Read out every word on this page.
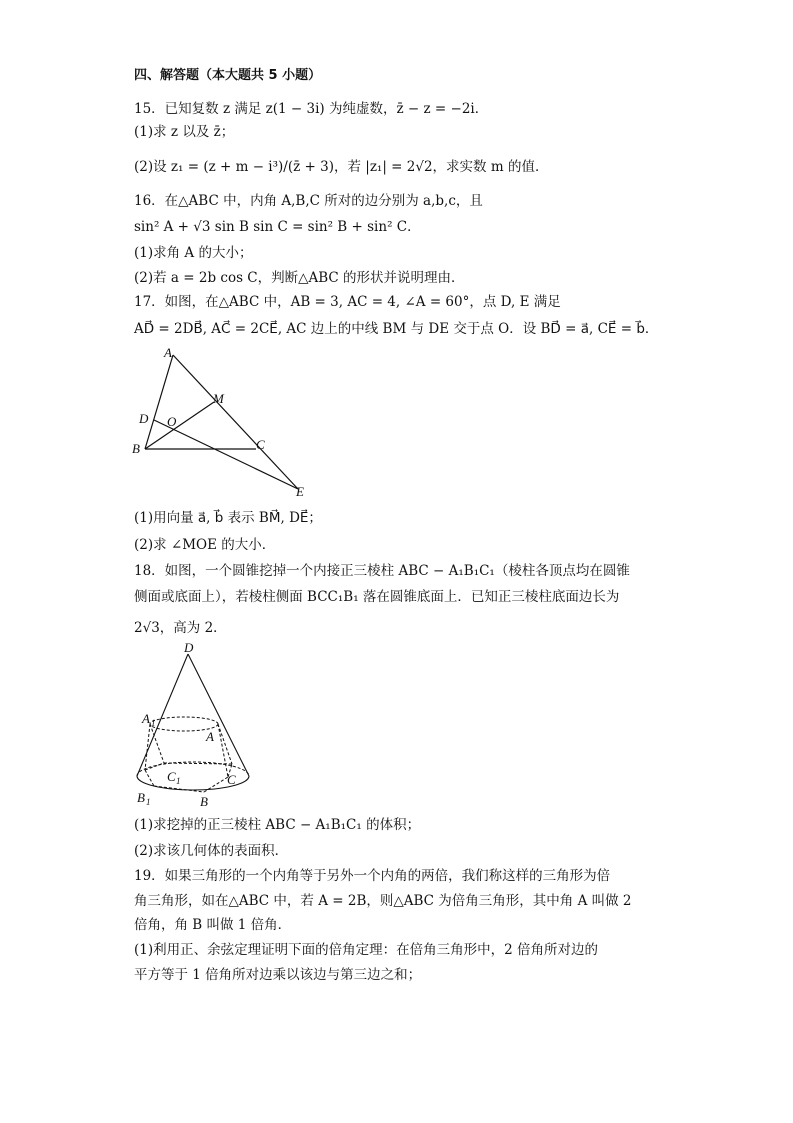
四、解答题（本大题共 5 小题）
15．已知复数 z 满足 z(1 − 3i) 为纯虚数，z̄ − z = −2i．
(1)求 z 以及 z̄；
(2)设 z₁ = (z + m − i³)/(z̄ + 3)，若 |z₁| = 2√2，求实数 m 的值．
16．在△ABC 中，内角 A,B,C 所对的边分别为 a,b,c，且
sin² A + √3 sin B sin C = sin² B + sin² C．
(1)求角 A 的大小；
(2)若 a = 2b cos C，判断△ABC 的形状并说明理由．
17．如图，在△ABC 中，AB = 3, AC = 4, ∠A = 60°，点 D, E 满足
AD⃗ = 2DB⃗, AC⃗ = 2CE⃗, AC 边上的中线 BM 与 DE 交于点 O．设 BD⃗ = a⃗, CE⃗ = b⃗．
A
B	C
D O
M
E
(1)用向量 a⃗, b⃗ 表示 BM⃗, DE⃗；
(2)求 ∠MOE 的大小．
18．如图，一个圆锥挖掉一个内接正三棱柱 ABC − A₁B₁C₁（棱柱各顶点均在圆锥
侧面或底面上），若棱柱侧面 BCC₁B₁ 落在圆锥底面上．已知正三棱柱底面边长为
2√3，高为 2．
D
A 1
A
C 1	C
B 1	B
(1)求挖掉的正三棱柱 ABC − A₁B₁C₁ 的体积；
(2)求该几何体的表面积．
19．如果三角形的一个内角等于另外一个内角的两倍，我们称这样的三角形为倍
角三角形，如在△ABC 中，若 A = 2B，则△ABC 为倍角三角形，其中角 A 叫做 2
倍角，角 B 叫做 1 倍角．
(1)利用正、余弦定理证明下面的倍角定理：在倍角三角形中，2 倍角所对边的
平方等于 1 倍角所对边乘以该边与第三边之和；
